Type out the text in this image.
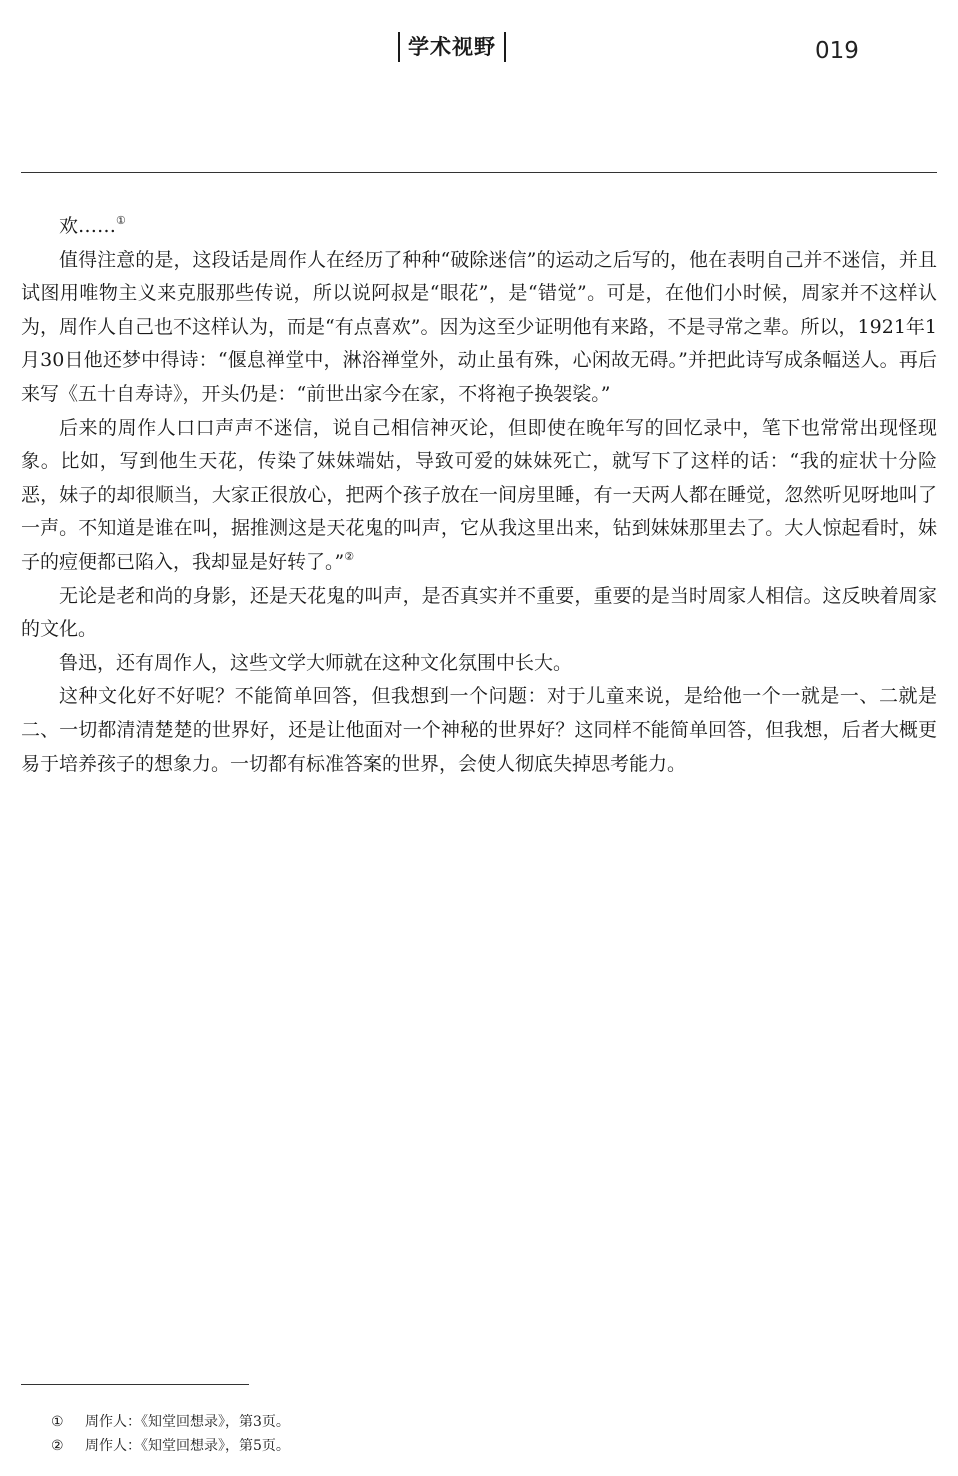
学术视野	019

欢……①

值得注意的是，这段话是周作人在经历了种种“破除迷信”的运动之后写的，他在表明自己并不迷信，并且试图用唯物主义来克服那些传说，所以说阿叔是“眼花”，是“错觉”。可是，在他们小时候，周家并不这样认为，周作人自己也不这样认为，而是“有点喜欢”。因为这至少证明他有来路，不是寻常之辈。所以，1921年1月30日他还梦中得诗：“偃息禅堂中，淋浴禅堂外，动止虽有殊，心闲故无碍。”并把此诗写成条幅送人。再后来写《五十自寿诗》，开头仍是：“前世出家今在家，不将袍子换袈裟。”

后来的周作人口口声声不迷信，说自己相信神灭论，但即使在晚年写的回忆录中，笔下也常常出现怪现象。比如，写到他生天花，传染了妹妹端姑，导致可爱的妹妹死亡，就写下了这样的话：“我的症状十分险恶，妹子的却很顺当，大家正很放心，把两个孩子放在一间房里睡，有一天两人都在睡觉，忽然听见呀地叫了一声。不知道是谁在叫，据推测这是天花鬼的叫声，它从我这里出来，钻到妹妹那里去了。大人惊起看时，妹子的痘便都已陷入，我却显是好转了。”②

无论是老和尚的身影，还是天花鬼的叫声，是否真实并不重要，重要的是当时周家人相信。这反映着周家的文化。

鲁迅，还有周作人，这些文学大师就在这种文化氛围中长大。

这种文化好不好呢？不能简单回答，但我想到一个问题：对于儿童来说，是给他一个一就是一、二就是二、一切都清清楚楚的世界好，还是让他面对一个神秘的世界好？这同样不能简单回答，但我想，后者大概更易于培养孩子的想象力。一切都有标准答案的世界，会使人彻底失掉思考能力。

①	周作人：《知堂回想录》，第3页。
②	周作人：《知堂回想录》，第5页。
